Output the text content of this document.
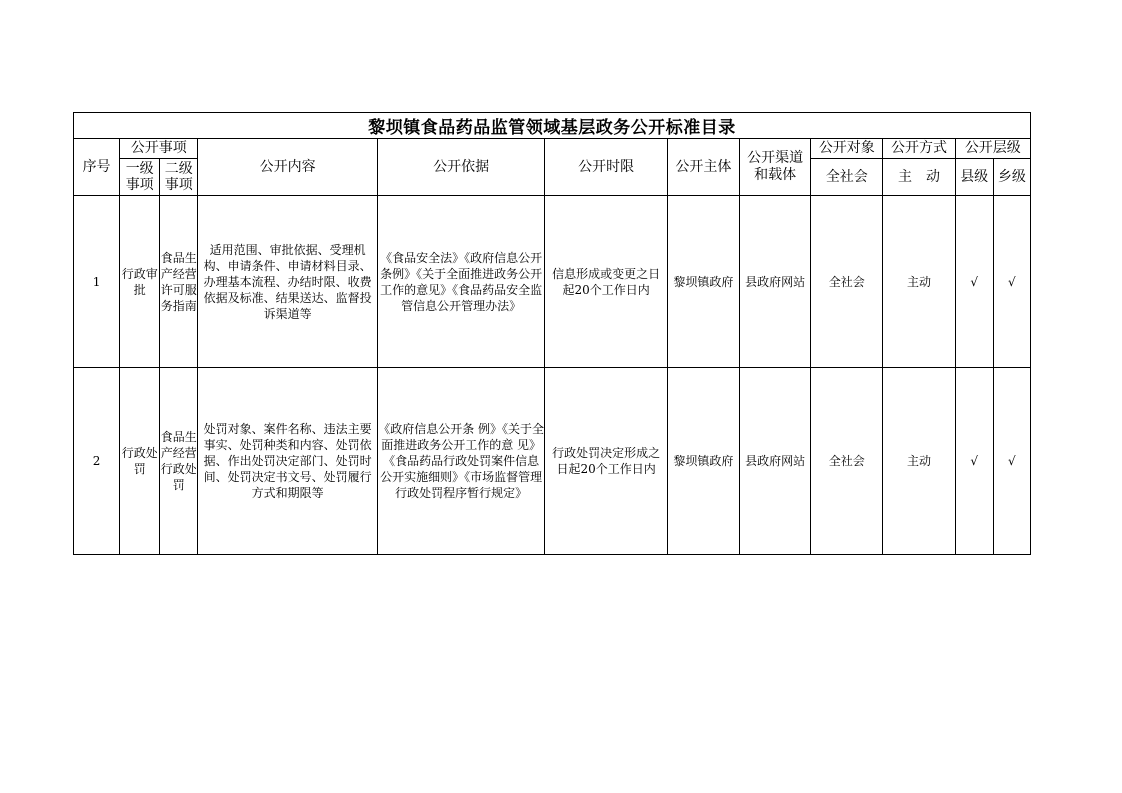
黎坝镇食品药品监管领域基层政务公开标准目录											
序号	公开事项		公开内容	公开依据	公开时限	公开主体	公开渠道和载体	公开对象	公开方式	公开层级	
	一级事项	二级事项						全社会	主　动	县级	乡级
1	行政审批	食品生产经营许可服务指南	适用范围、审批依据、受理机构、申请条件、申请材料目录、办理基本流程、办结时限、收费依据及标准、结果送达、监督投诉渠道等	《食品安全法》《政府信息公开条例》《关于全面推进政务公开工作的意见》《食品药品安全监管信息公开管理办法》	信息形成或变更之日起20个工作日内	黎坝镇政府	县政府网站	全社会	主动	√	√
2	行政处罚	食品生产经营行政处罚	处罚对象、案件名称、违法主要事实、处罚种类和内容、处罚依据、作出处罚决定部门、处罚时间、处罚决定书文号、处罚履行方式和期限等	《政府信息公开条 例》《关于全面推进政务公开工作的意 见》《食品药品行政处罚案件信息公开实施细则》《市场监督管理行政处罚程序暂行规定》	行政处罚决定形成之日起20个工作日内	黎坝镇政府	县政府网站	全社会	主动	√	√
